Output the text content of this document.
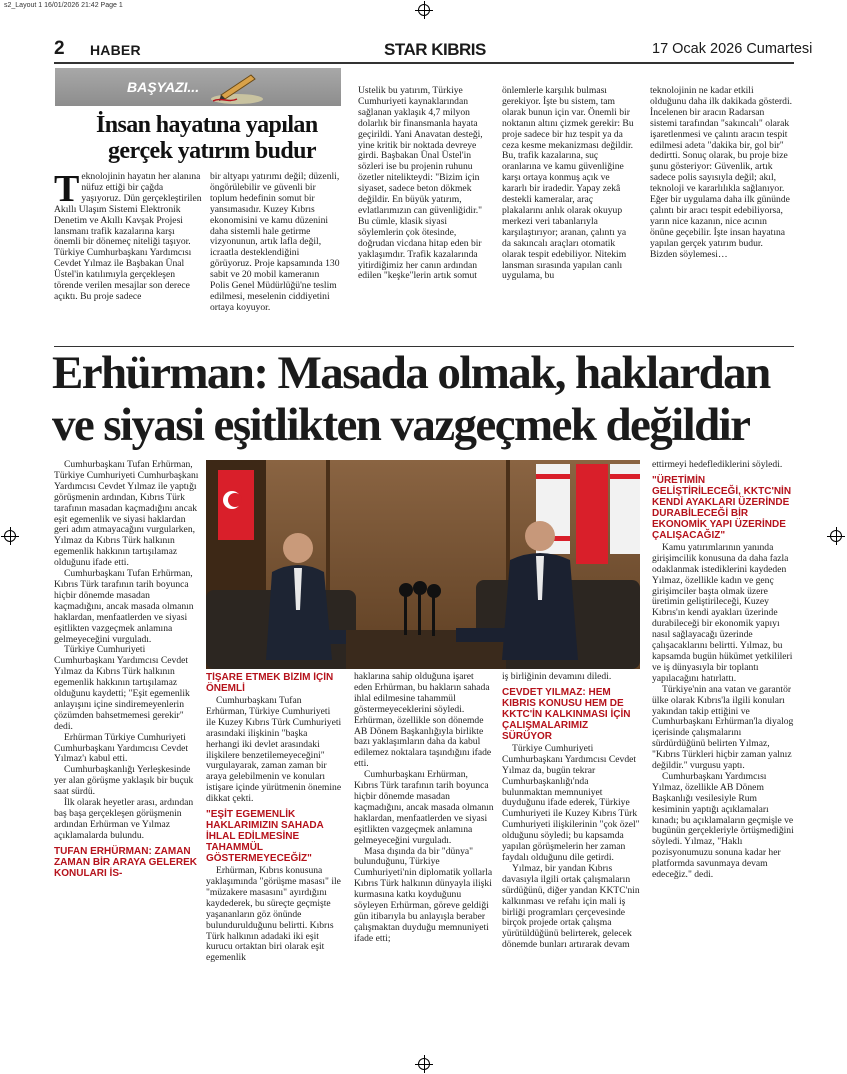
s2_Layout 1 16/01/2026 21:42 Page 1
2 HABER	STAR KIBRIS	17 Ocak 2026 Cumartesi
BAŞYAZI...
İnsan hayatına yapılan
gerçek yatırım budur
T eknolojinin hayatın her alanına nüfuz ettiği bir çağda yaşıyoruz. Dün gerçekleştirilen Akıllı Ulaşım Sistemi Elektronik Denetim ve Akıllı Kavşak Projesi lansmanı trafik kazalarına karşı önemli bir dönemeç niteliği taşıyor. Türkiye Cumhurbaşkanı Yardımcısı Cevdet Yılmaz ile Başbakan Ünal Üstel'in katılımıyla gerçekleşen törende verilen mesajlar son derece açıktı. Bu proje sadece
bir altyapı yatırımı değil; düzenli, öngörülebilir ve güvenli bir toplum hedefinin somut bir yansımasıdır. Kuzey Kıbrıs ekonomisini ve kamu düzenini daha sistemli hale getirme vizyonunun, artık lafla değil, icraatla desteklendiğini görüyoruz. Proje kapsamında 130 sabit ve 20 mobil kameranın Polis Genel Müdürlüğü'ne teslim edilmesi, meselenin ciddiyetini ortaya koyuyor.
Üstelik bu yatırım, Türkiye Cumhuriyeti kaynaklarından sağlanan yaklaşık 4,7 milyon dolarlık bir finansmanla hayata geçirildi. Yani Anavatan desteği, yine kritik bir noktada devreye girdi. Başbakan Ünal Üstel'in sözleri ise bu projenin ruhunu özetler nitelikteydi: "Bizim için siyaset, sadece beton dökmek değildir. En büyük yatırım, evlatlarımızın can güvenliğidir." Bu cümle, klasik siyasi söylemlerin çok ötesinde, doğrudan vicdana hitap eden bir yaklaşımdır. Trafik kazalarında yitirdiğimiz her canın ardından edilen "keşke"lerin artık somut
önlemlerle karşılık bulması gerekiyor. İşte bu sistem, tam olarak bunun için var. Önemli bir noktanın altını çizmek gerekir: Bu proje sadece bir hız tespit ya da ceza kesme mekanizması değildir. Bu, trafik kazalarına, suç oranlarına ve kamu güvenliğine karşı ortaya konmuş açık ve kararlı bir iradedir. Yapay zekâ destekli kameralar, araç plakalarını anlık olarak okuyup merkezi veri tabanlarıyla karşılaştırıyor; aranan, çalıntı ya da sakıncalı araçları otomatik olarak tespit edebiliyor. Nitekim lansman sırasında yapılan canlı uygulama, bu
teknolojinin ne kadar etkili olduğunu daha ilk dakikada gösterdi. İncelenen bir aracın Radarsan sistemi tarafından "sakıncalı" olarak işaretlenmesi ve çalıntı aracın tespit edilmesi adeta "dakika bir, gol bir" dedirtti. Sonuç olarak, bu proje bize şunu gösteriyor: Güvenlik, artık sadece polis sayısıyla değil; akıl, teknoloji ve kararlılıkla sağlanıyor. Eğer bir uygulama daha ilk gününde çalıntı bir aracı tespit edebiliyorsa, yarın nice kazanın, nice acının önüne geçebilir. İşte insan hayatına yapılan gerçek yatırım budur. Bizden söylemesi…
Erhürman: Masada olmak, haklardan
ve siyasi eşitlikten vazgeçmek değildir

Cumhurbaşkanı Tufan Erhürman, Türkiye Cumhuriyeti Cumhurbaşkanı Yardımcısı Cevdet Yılmaz ile yaptığı görüşmenin ardından, Kıbrıs Türk tarafının masadan kaçmadığını ancak eşit egemenlik ve siyasi haklardan geri adım atmayacağını vurgularken, Yılmaz da Kıbrıs Türk halkının egemenlik hakkının tartışılamaz olduğunu ifade etti.

Cumhurbaşkanı Tufan Erhürman, Kıbrıs Türk tarafının tarih boyunca hiçbir dönemde masadan kaçmadığını, ancak masada olmanın haklardan, menfaatlerden ve siyasi eşitlikten vazgeçmek anlamına gelmeyeceğini vurguladı.

Türkiye Cumhuriyeti Cumhurbaşkanı Yardımcısı Cevdet Yılmaz da Kıbrıs Türk halkının egemenlik hakkının tartışılamaz olduğunu kaydetti; "Eşit egemenlik anlayışını içine sindiremeyenlerin çözümden bahsetmemesi gerekir" dedi.

Erhürman Türkiye Cumhuriyeti Cumhurbaşkanı Yardımcısı Cevdet Yılmaz'ı kabul etti.

Cumhurbaşkanlığı Yerleşkesinde yer alan görüşme yaklaşık bir buçuk saat sürdü.

İlk olarak heyetler arası, ardından baş başa gerçekleşen görüşmenin ardından Erhürman ve Yılmaz açıklamalarda bulundu.

TUFAN ERHÜRMAN: ZAMAN ZAMAN BİR ARAYA GELEREK KONULARI İS-
TİŞARE ETMEK BİZİM İÇİN ÖNEMLİ

Cumhurbaşkanı Tufan Erhürman, Türkiye Cumhuriyeti ile Kuzey Kıbrıs Türk Cumhuriyeti arasındaki ilişkinin "başka herhangi iki devlet arasındaki ilişkilere benzetilemeyeceğini" vurgulayarak, zaman zaman bir araya gelebilmenin ve konuları istişare içinde yürütmenin önemine dikkat çekti.

"EŞİT EGEMENLİK HAKLARIMIZIN SAHADA İHLAL EDİLMESİNE TAHAMMÜL GÖSTERMEYECEĞİZ"

Erhürman, Kıbrıs konusuna yaklaşımında "görüşme masası" ile "müzakere masasını" ayırdığını kaydederek, bu süreçte geçmişte yaşananların göz önünde bulundurulduğunu belirtti. Kıbrıs Türk halkının adadaki iki eşit kurucu ortaktan biri olarak eşit egemenlik

haklarına sahip olduğuna işaret eden Erhürman, bu hakların sahada ihlal edilmesine tahammül göstermeyeceklerini söyledi. Erhürman, özellikle son dönemde AB Dönem Başkanlığıyla birlikte bazı yaklaşımların daha da kabul edilemez noktalara taşındığını ifade etti.

Cumhurbaşkanı Erhürman, Kıbrıs Türk tarafının tarih boyunca hiçbir dönemde masadan kaçmadığını, ancak masada olmanın haklardan, menfaatlerden ve siyasi eşitlikten vazgeçmek anlamına gelmeyeceğini vurguladı.

Masa dışında da bir "dünya" bulunduğunu, Türkiye Cumhuriyeti'nin diplomatik yollarla Kıbrıs Türk halkının dünyayla ilişki kurmasına katkı koyduğunu söyleyen Erhürman, göreve geldiği gün itibarıyla bu anlayışla beraber çalışmaktan duyduğu memnuniyeti ifade etti;

iş birliğinin devamını diledi.

CEVDET YILMAZ: HEM KIBRIS KONUSU HEM DE KKTC'İN KALKINMASI İÇİN ÇALIŞMALARIMIZ SÜRÜYOR

Türkiye Cumhuriyeti Cumhurbaşkanı Yardımcısı Cevdet Yılmaz da, bugün tekrar Cumhurbaşkanlığı'nda bulunmaktan memnuniyet duyduğunu ifade ederek, Türkiye Cumhuriyeti ile Kuzey Kıbrıs Türk Cumhuriyeti ilişkilerinin "çok özel" olduğunu söyledi; bu kapsamda yapılan görüşmelerin her zaman faydalı olduğunu dile getirdi.

Yılmaz, bir yandan Kıbrıs davasıyla ilgili ortak çalışmaların sürdüğünü, diğer yandan KKTC'nin kalkınması ve refahı için mali iş birliği programları çerçevesinde birçok projede ortak çalışma yürütüldüğünü belirterek, gelecek dönemde bunları artırarak devam

ettirmeyi hedeflediklerini söyledi.

"ÜRETİMİN GELİŞTİRİLECEĞİ, KKTC'NİN KENDİ AYAKLARI ÜZERİNDE DURABİLECEĞİ BİR EKONOMİK YAPI ÜZERİNDE ÇALIŞACAĞIZ"

Kamu yatırımlarının yanında girişimcilik konusuna da daha fazla odaklanmak istediklerini kaydeden Yılmaz, özellikle kadın ve genç girişimciler başta olmak üzere üretimin geliştirileceği, Kuzey Kıbrıs'ın kendi ayakları üzerinde durabileceği bir ekonomik yapıyı nasıl sağlayacağı üzerinde çalışacaklarını belirtti. Yılmaz, bu kapsamda bugün hükümet yetkilileri ve iş dünyasıyla bir toplantı yapılacağını hatırlattı.

Türkiye'nin ana vatan ve garantör ülke olarak Kıbrıs'la ilgili konuları yakından takip ettiğini ve Cumhurbaşkanı Erhürman'la diyalog içerisinde çalışmalarını sürdürdüğünü belirten Yılmaz, "Kıbrıs Türkleri hiçbir zaman yalnız değildir." vurgusu yaptı.

Cumhurbaşkanı Yardımcısı Yılmaz, özellikle AB Dönem Başkanlığı vesilesiyle Rum kesiminin yaptığı açıklamaları kınadı; bu açıklamaların geçmişle ve bugünün gerçekleriyle örtüşmediğini söyledi. Yılmaz, "Haklı pozisyonumuzu sonuna kadar her platformda savunmaya devam edeceğiz." dedi.
